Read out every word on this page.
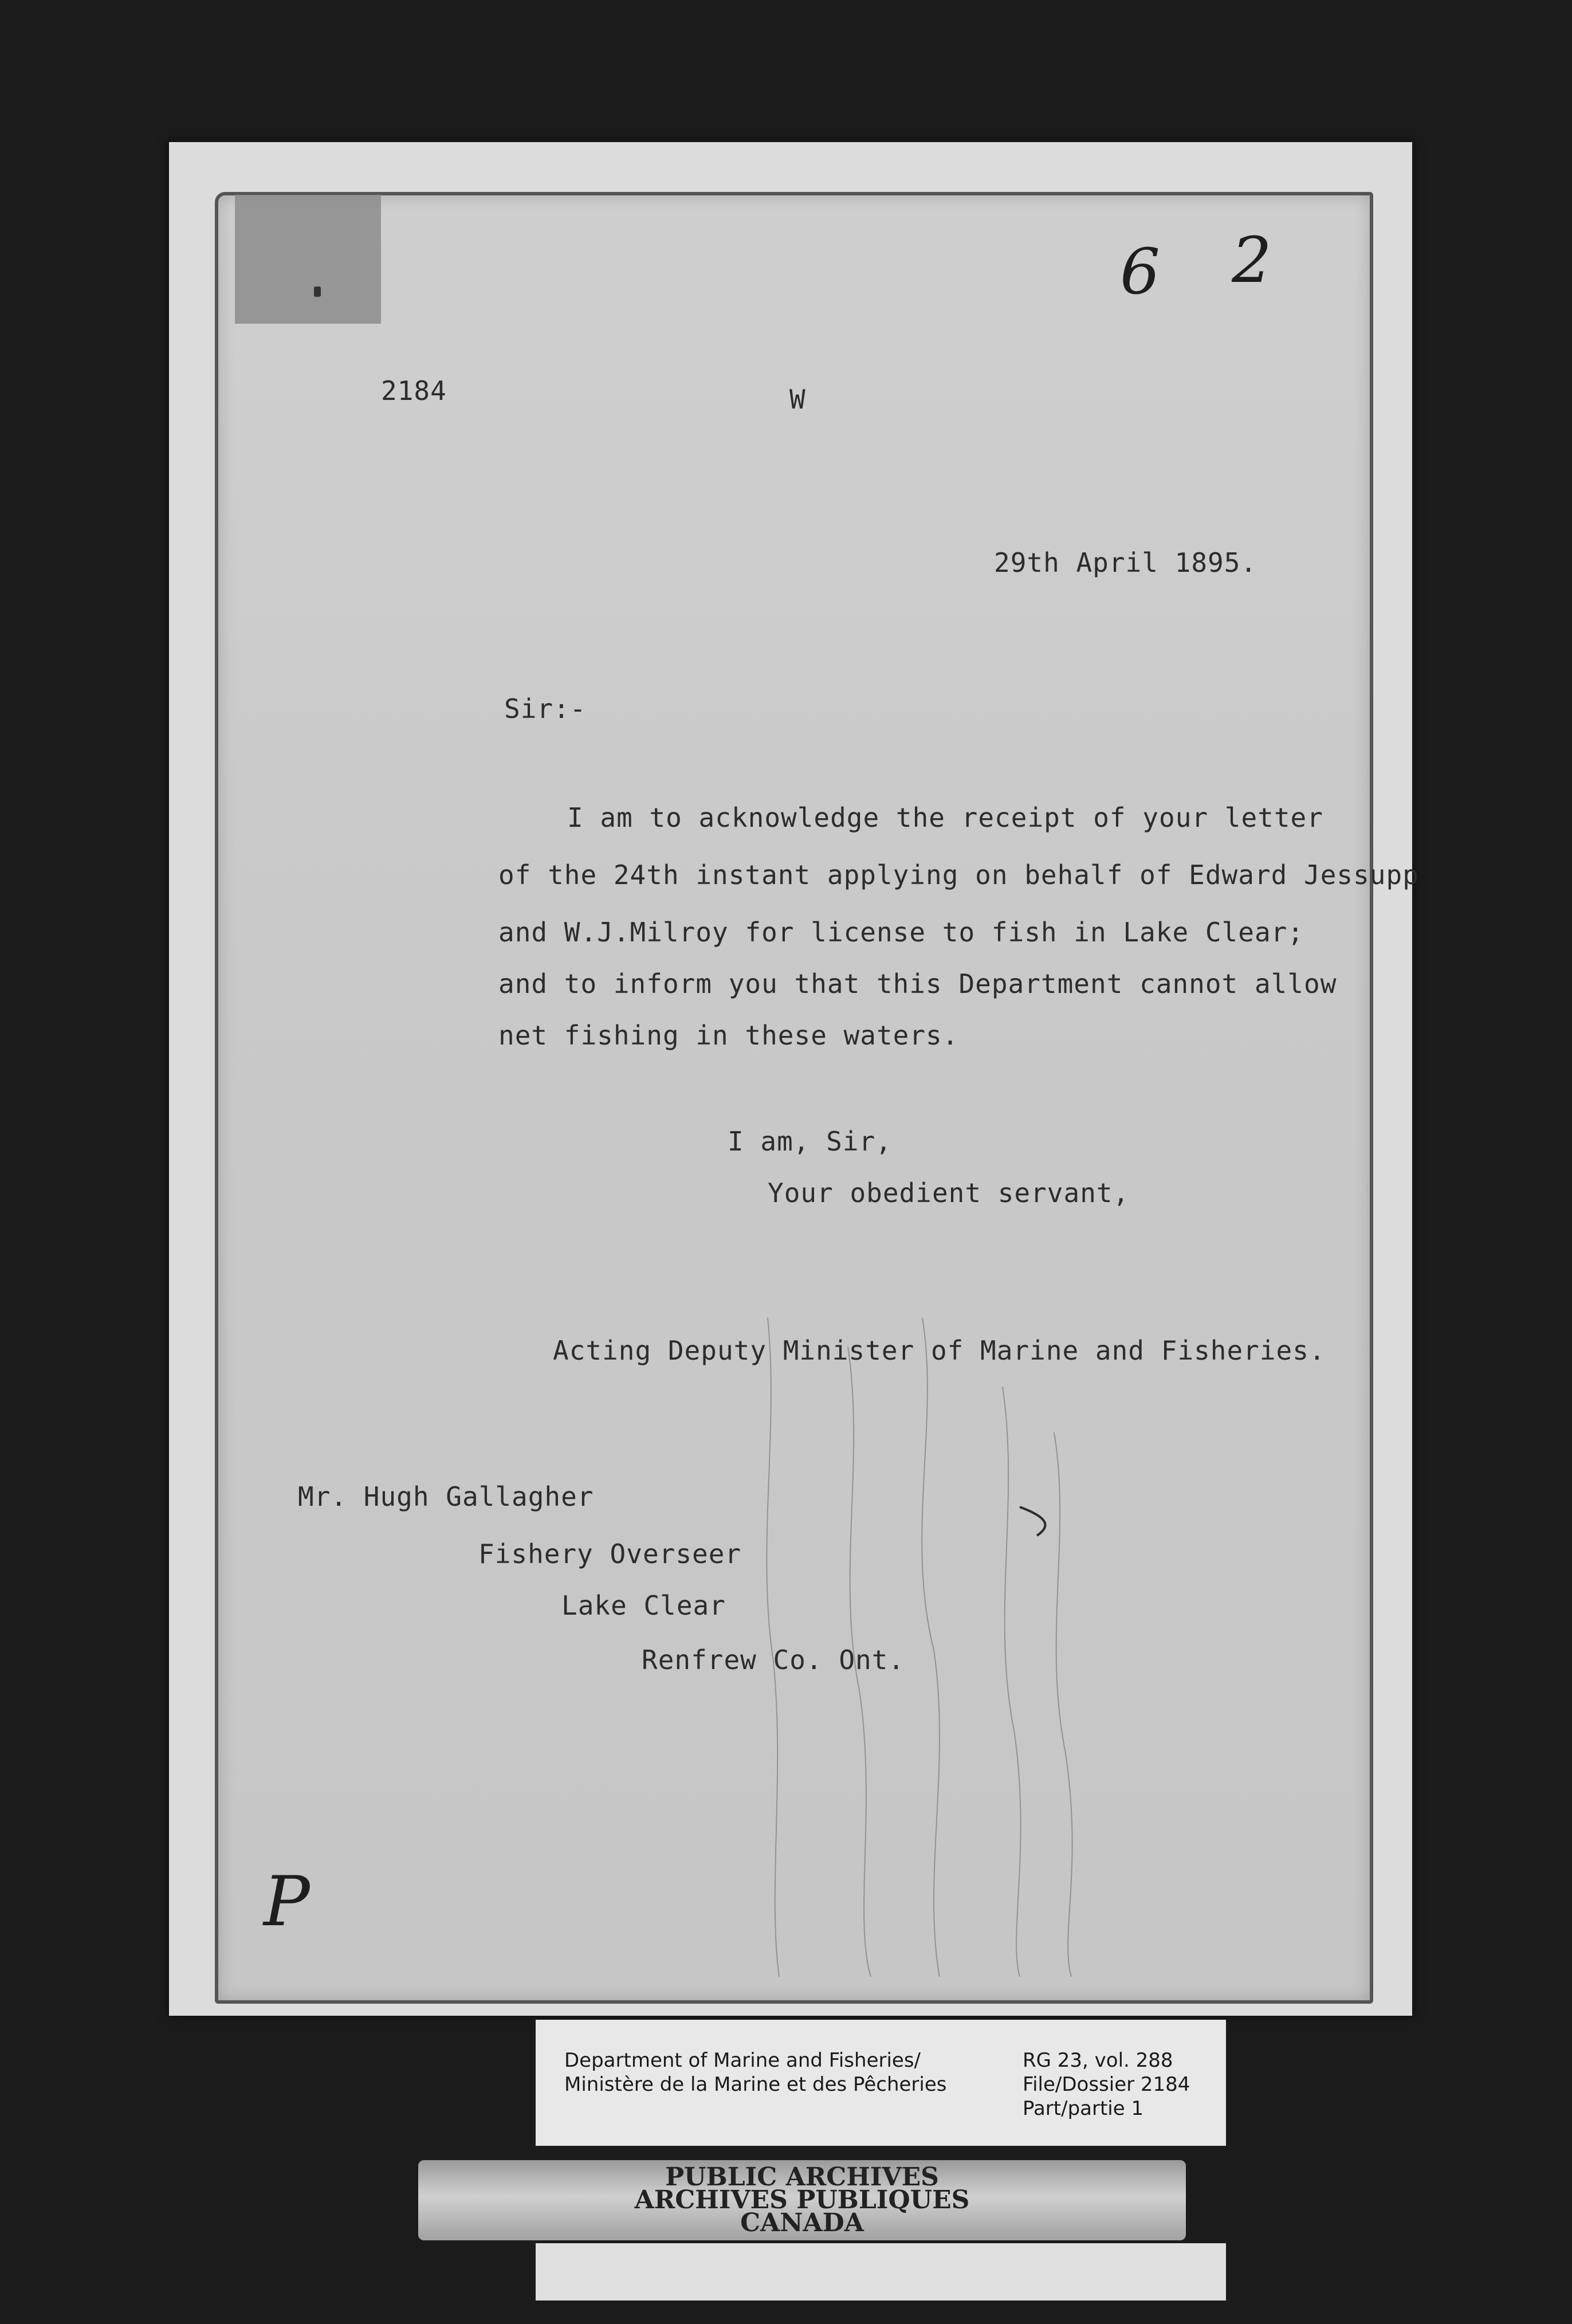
2184	W
6 2
29th April 1895.
Sir:-
I am to acknowledge the receipt of your letter
of the 24th instant applying on behalf of Edward Jessupp
and W.J.Milroy for license to fish in Lake Clear;
and to inform you that this Department cannot allow
net fishing in these waters.
I am, Sir,
Your obedient servant,
Acting Deputy Minister of Marine and Fisheries.
Mr. Hugh Gallagher
Fishery Overseer
Lake Clear
Renfrew Co. Ont.
P
Department of Marine and Fisheries/
Ministère de la Marine et des Pêcheries
RG 23, vol. 288
File/Dossier 2184
Part/partie 1
PUBLIC ARCHIVES
ARCHIVES PUBLIQUES
CANADA
